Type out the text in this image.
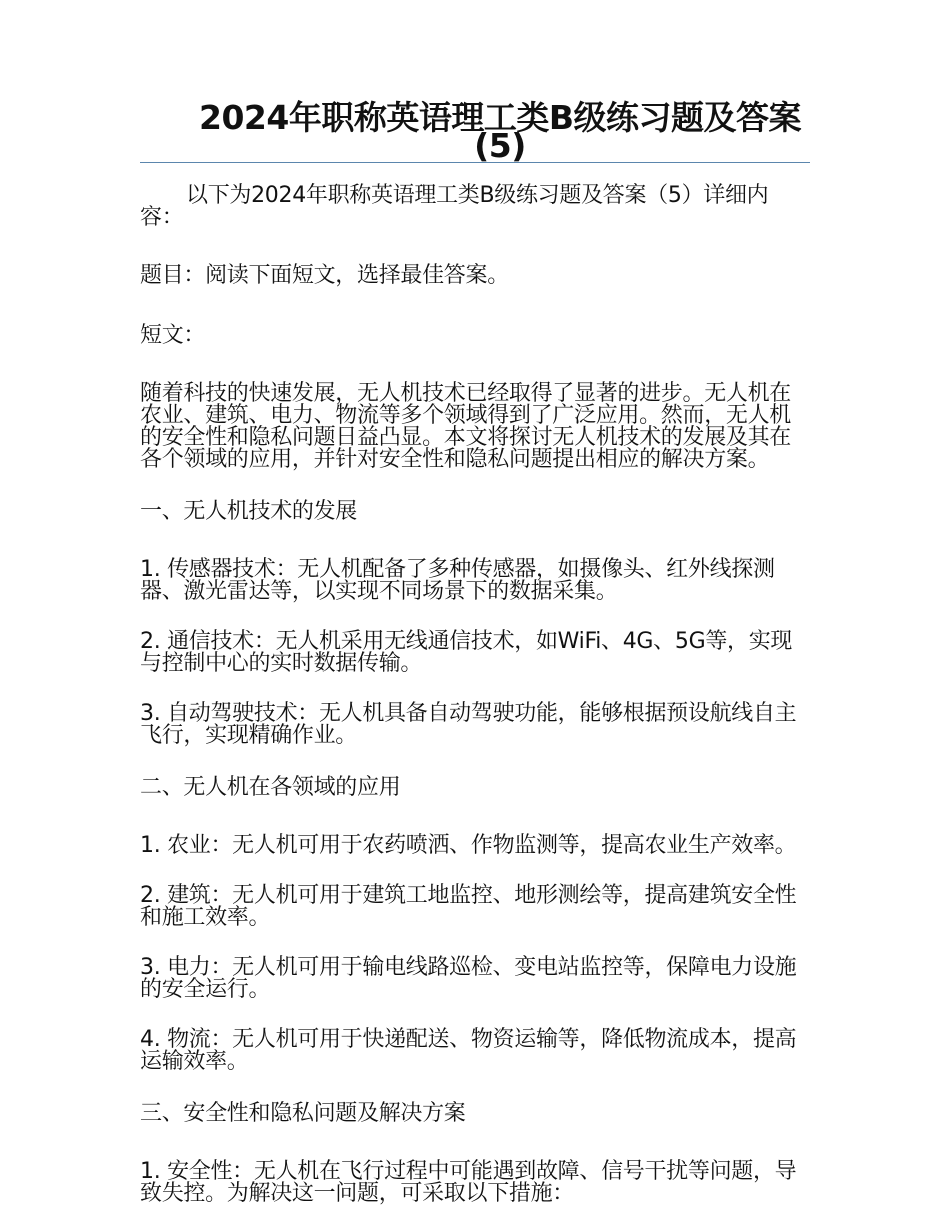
2024年职称英语理工类B级练习题及答案(5)

以下为2024年职称英语理工类B级练习题及答案（5）详细内容：

题目：阅读下面短文，选择最佳答案。

短文：

随着科技的快速发展，无人机技术已经取得了显著的进步。无人机在农业、建筑、电力、物流等多个领域得到了广泛应用。然而，无人机的安全性和隐私问题日益凸显。本文将探讨无人机技术的发展及其在各个领域的应用，并针对安全性和隐私问题提出相应的解决方案。

一、无人机技术的发展

1. 传感器技术：无人机配备了多种传感器，如摄像头、红外线探测器、激光雷达等，以实现不同场景下的数据采集。

2. 通信技术：无人机采用无线通信技术，如WiFi、4G、5G等，实现与控制中心的实时数据传输。

3. 自动驾驶技术：无人机具备自动驾驶功能，能够根据预设航线自主飞行，实现精确作业。

二、无人机在各领域的应用

1. 农业：无人机可用于农药喷洒、作物监测等，提高农业生产效率。

2. 建筑：无人机可用于建筑工地监控、地形测绘等，提高建筑安全性和施工效率。

3. 电力：无人机可用于输电线路巡检、变电站监控等，保障电力设施的安全运行。

4. 物流：无人机可用于快递配送、物资运输等，降低物流成本，提高运输效率。

三、安全性和隐私问题及解决方案

1. 安全性：无人机在飞行过程中可能遇到故障、信号干扰等问题，导致失控。为解决这一问题，可采取以下措施：
